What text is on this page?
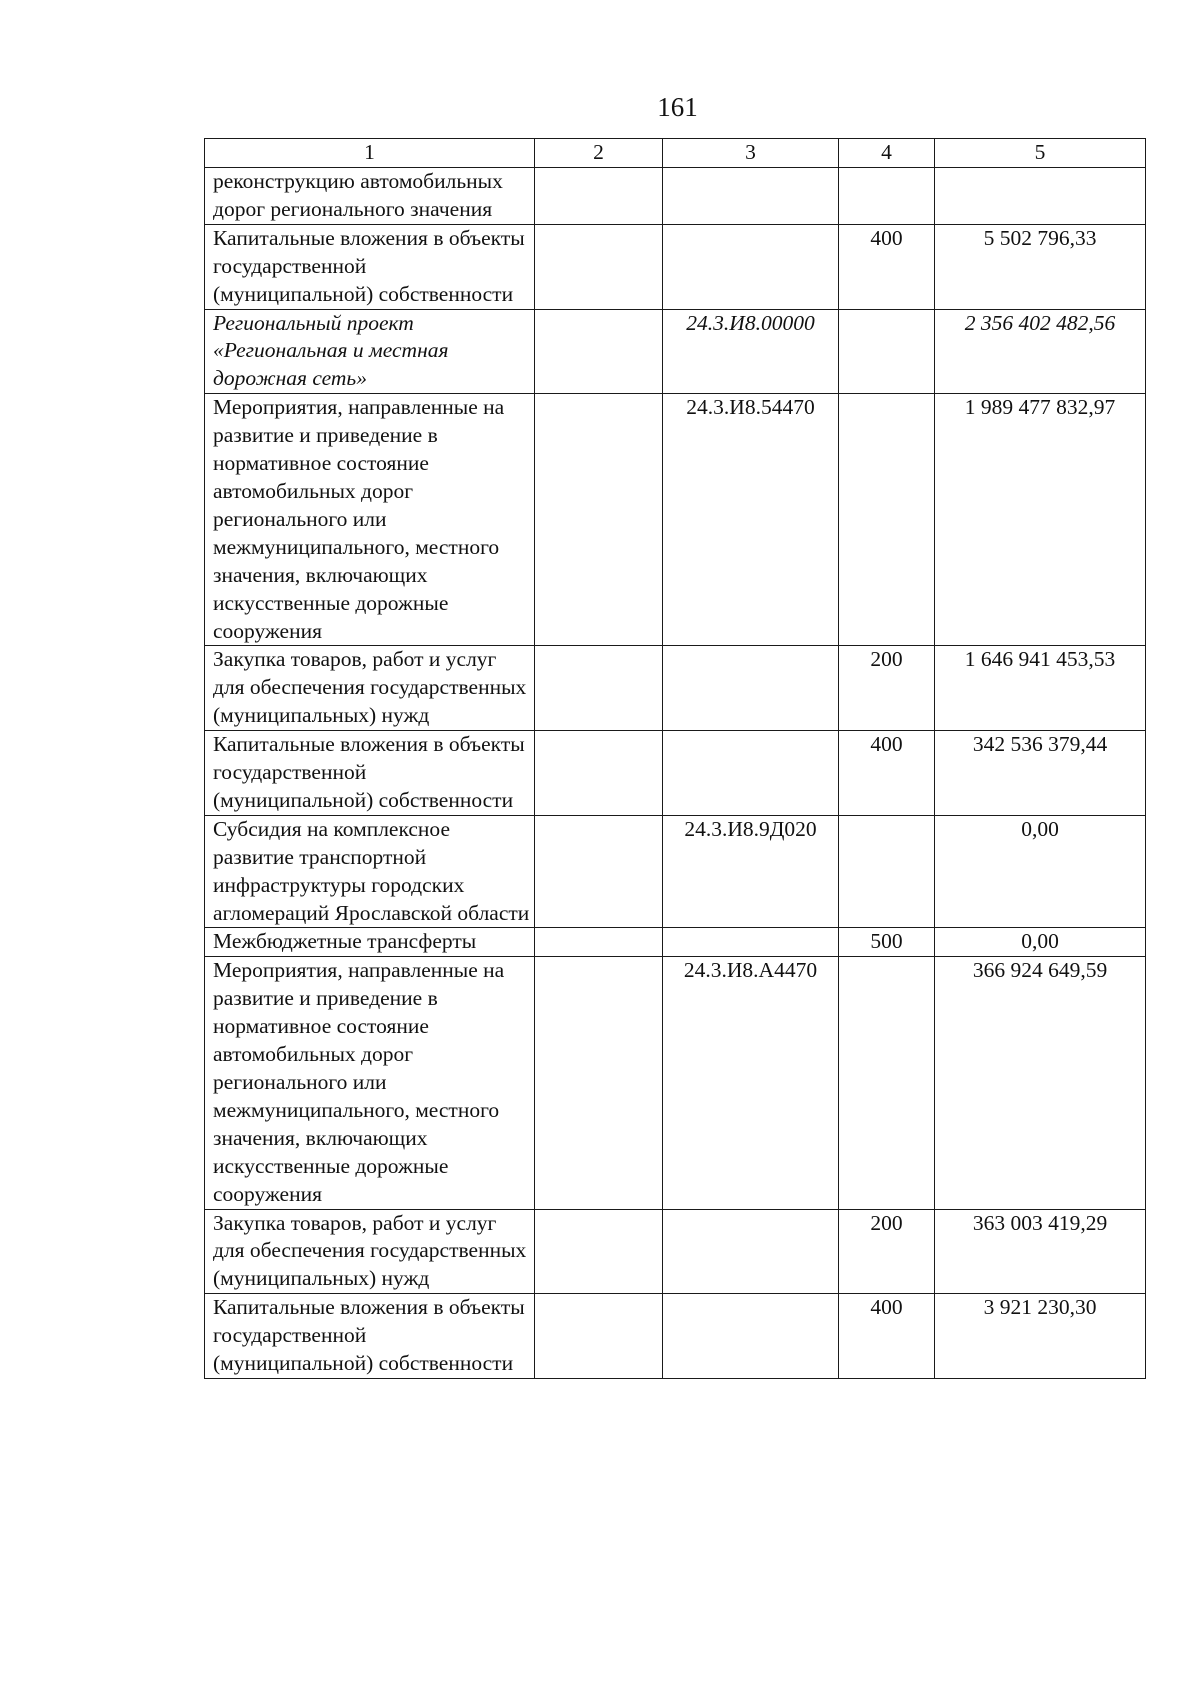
161
1	2	3	4	5
реконструкцию автомобильных дорог регионального значения				
Капитальные вложения в объекты государственной (муниципальной) собственности			400	5 502 796,33
Региональный проект «Региональная и местная дорожная сеть»		24.3.И8.00000		2 356 402 482,56
Мероприятия, направленные на развитие и приведение в нормативное состояние автомобильных дорог регионального или межмуниципального, местного значения, включающих искусственные дорожные сооружения		24.3.И8.54470		1 989 477 832,97
Закупка товаров, работ и услуг для обеспечения государственных (муниципальных) нужд			200	1 646 941 453,53
Капитальные вложения в объекты государственной (муниципальной) собственности			400	342 536 379,44
Субсидия на комплексное развитие транспортной инфраструктуры городских агломераций Ярославской области		24.3.И8.9Д020		0,00
Межбюджетные трансферты			500	0,00
Мероприятия, направленные на развитие и приведение в нормативное состояние автомобильных дорог регионального или межмуниципального, местного значения, включающих искусственные дорожные сооружения		24.3.И8.А4470		366 924 649,59
Закупка товаров, работ и услуг для обеспечения государственных (муниципальных) нужд			200	363 003 419,29
Капитальные вложения в объекты государственной (муниципальной) собственности			400	3 921 230,30
